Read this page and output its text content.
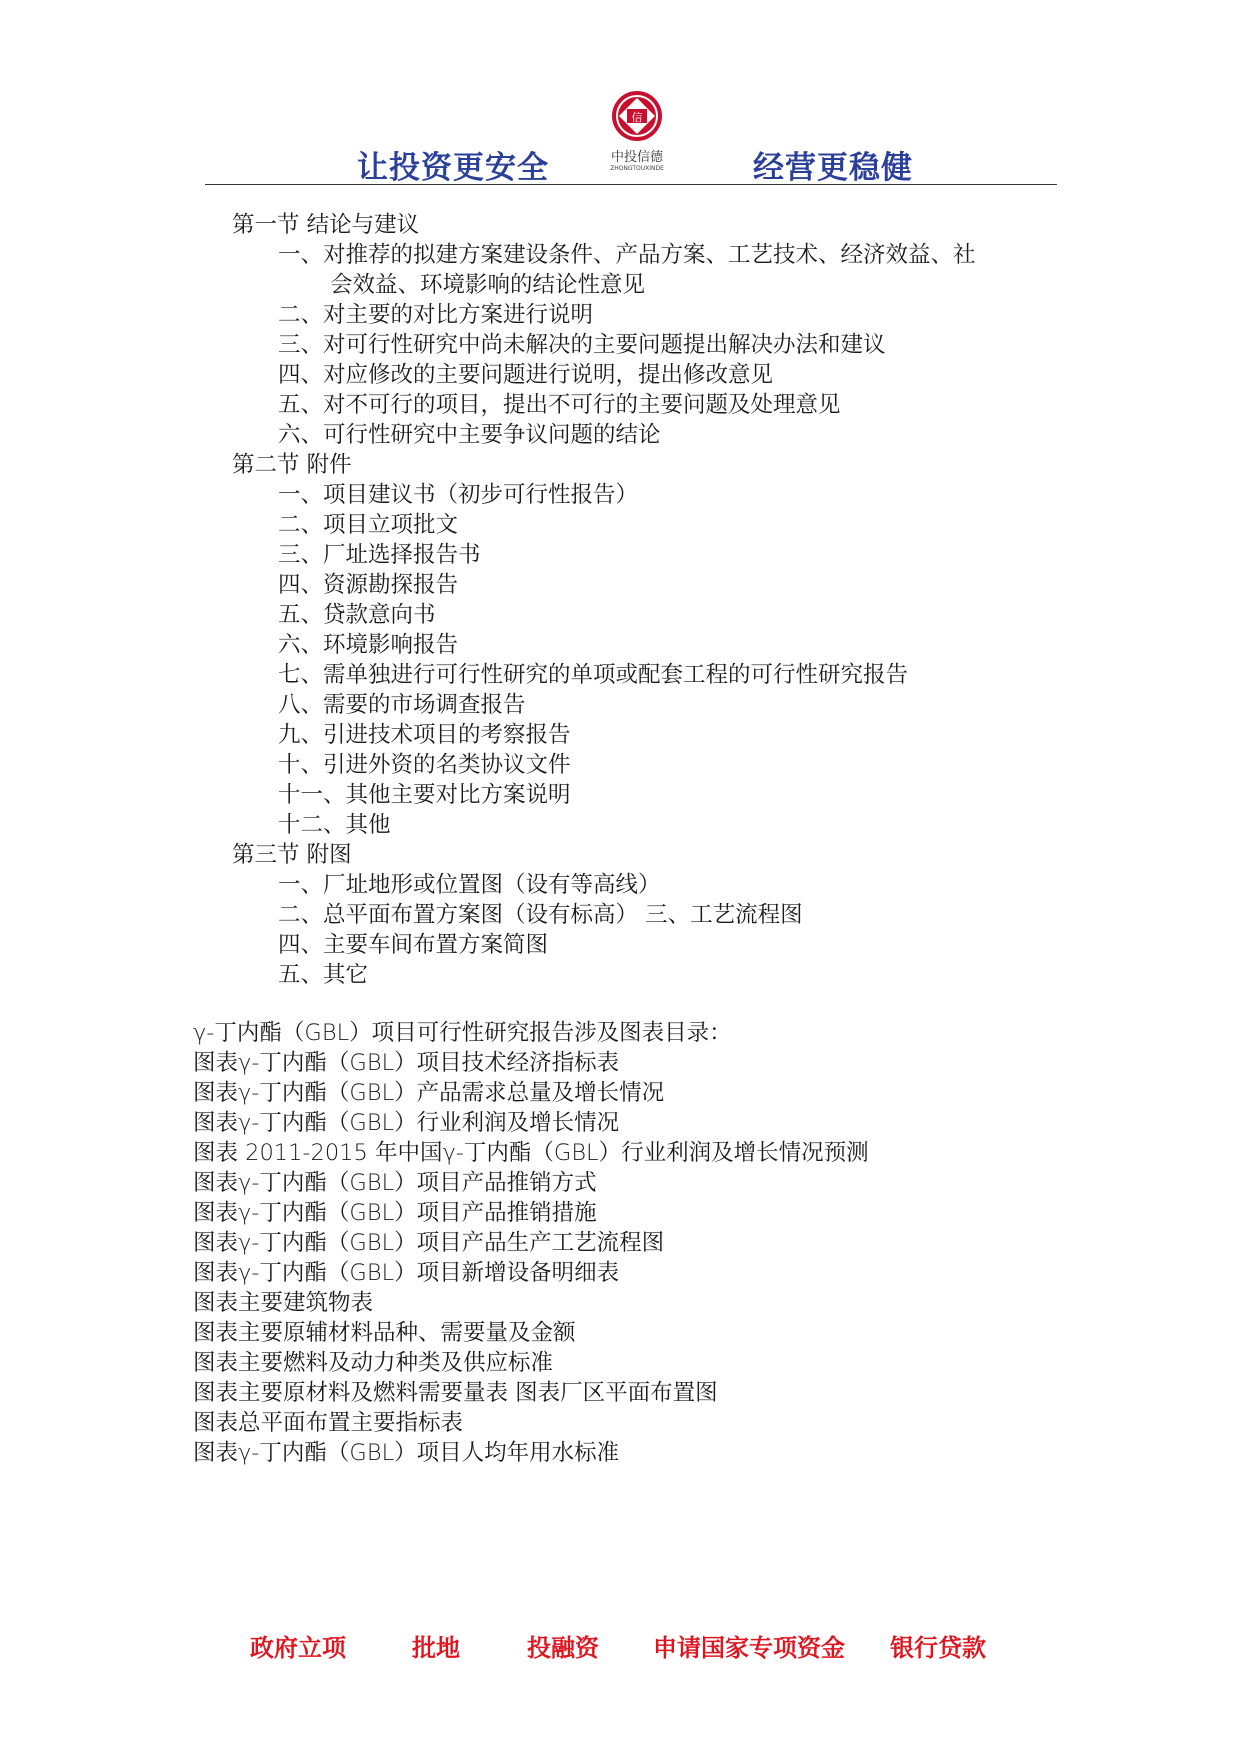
让投资更安全
信
中投信德
ZHONGTOUXINDE	经营更稳健
第一节 结论与建议
一、对推荐的拟建方案建设条件、产品方案、工艺技术、经济效益、社
会效益、环境影响的结论性意见
二、对主要的对比方案进行说明
三、对可行性研究中尚未解决的主要问题提出解决办法和建议
四、对应修改的主要问题进行说明，提出修改意见
五、对不可行的项目，提出不可行的主要问题及处理意见
六、可行性研究中主要争议问题的结论
第二节 附件
一、项目建议书（初步可行性报告）
二、项目立项批文
三、厂址选择报告书
四、资源勘探报告
五、贷款意向书
六、环境影响报告
七、需单独进行可行性研究的单项或配套工程的可行性研究报告
八、需要的市场调查报告
九、引进技术项目的考察报告
十、引进外资的名类协议文件
十一、其他主要对比方案说明
十二、其他
第三节 附图
一、厂址地形或位置图（设有等高线）
二、总平面布置方案图（设有标高） 三、工艺流程图
四、主要车间布置方案简图
五、其它
γ-丁内酯（GBL）项目可行性研究报告涉及图表目录：
图表γ-丁内酯（GBL）项目技术经济指标表
图表γ-丁内酯（GBL）产品需求总量及增长情况
图表γ-丁内酯（GBL）行业利润及增长情况
图表 2011-2015 年中国γ-丁内酯（GBL）行业利润及增长情况预测
图表γ-丁内酯（GBL）项目产品推销方式
图表γ-丁内酯（GBL）项目产品推销措施
图表γ-丁内酯（GBL）项目产品生产工艺流程图
图表γ-丁内酯（GBL）项目新增设备明细表
图表主要建筑物表
图表主要原辅材料品种、需要量及金额
图表主要燃料及动力种类及供应标准
图表主要原材料及燃料需要量表 图表厂区平面布置图
图表总平面布置主要指标表
图表γ-丁内酯（GBL）项目人均年用水标准
政府立项	批地	投融资 申请国家专项资金 银行贷款
